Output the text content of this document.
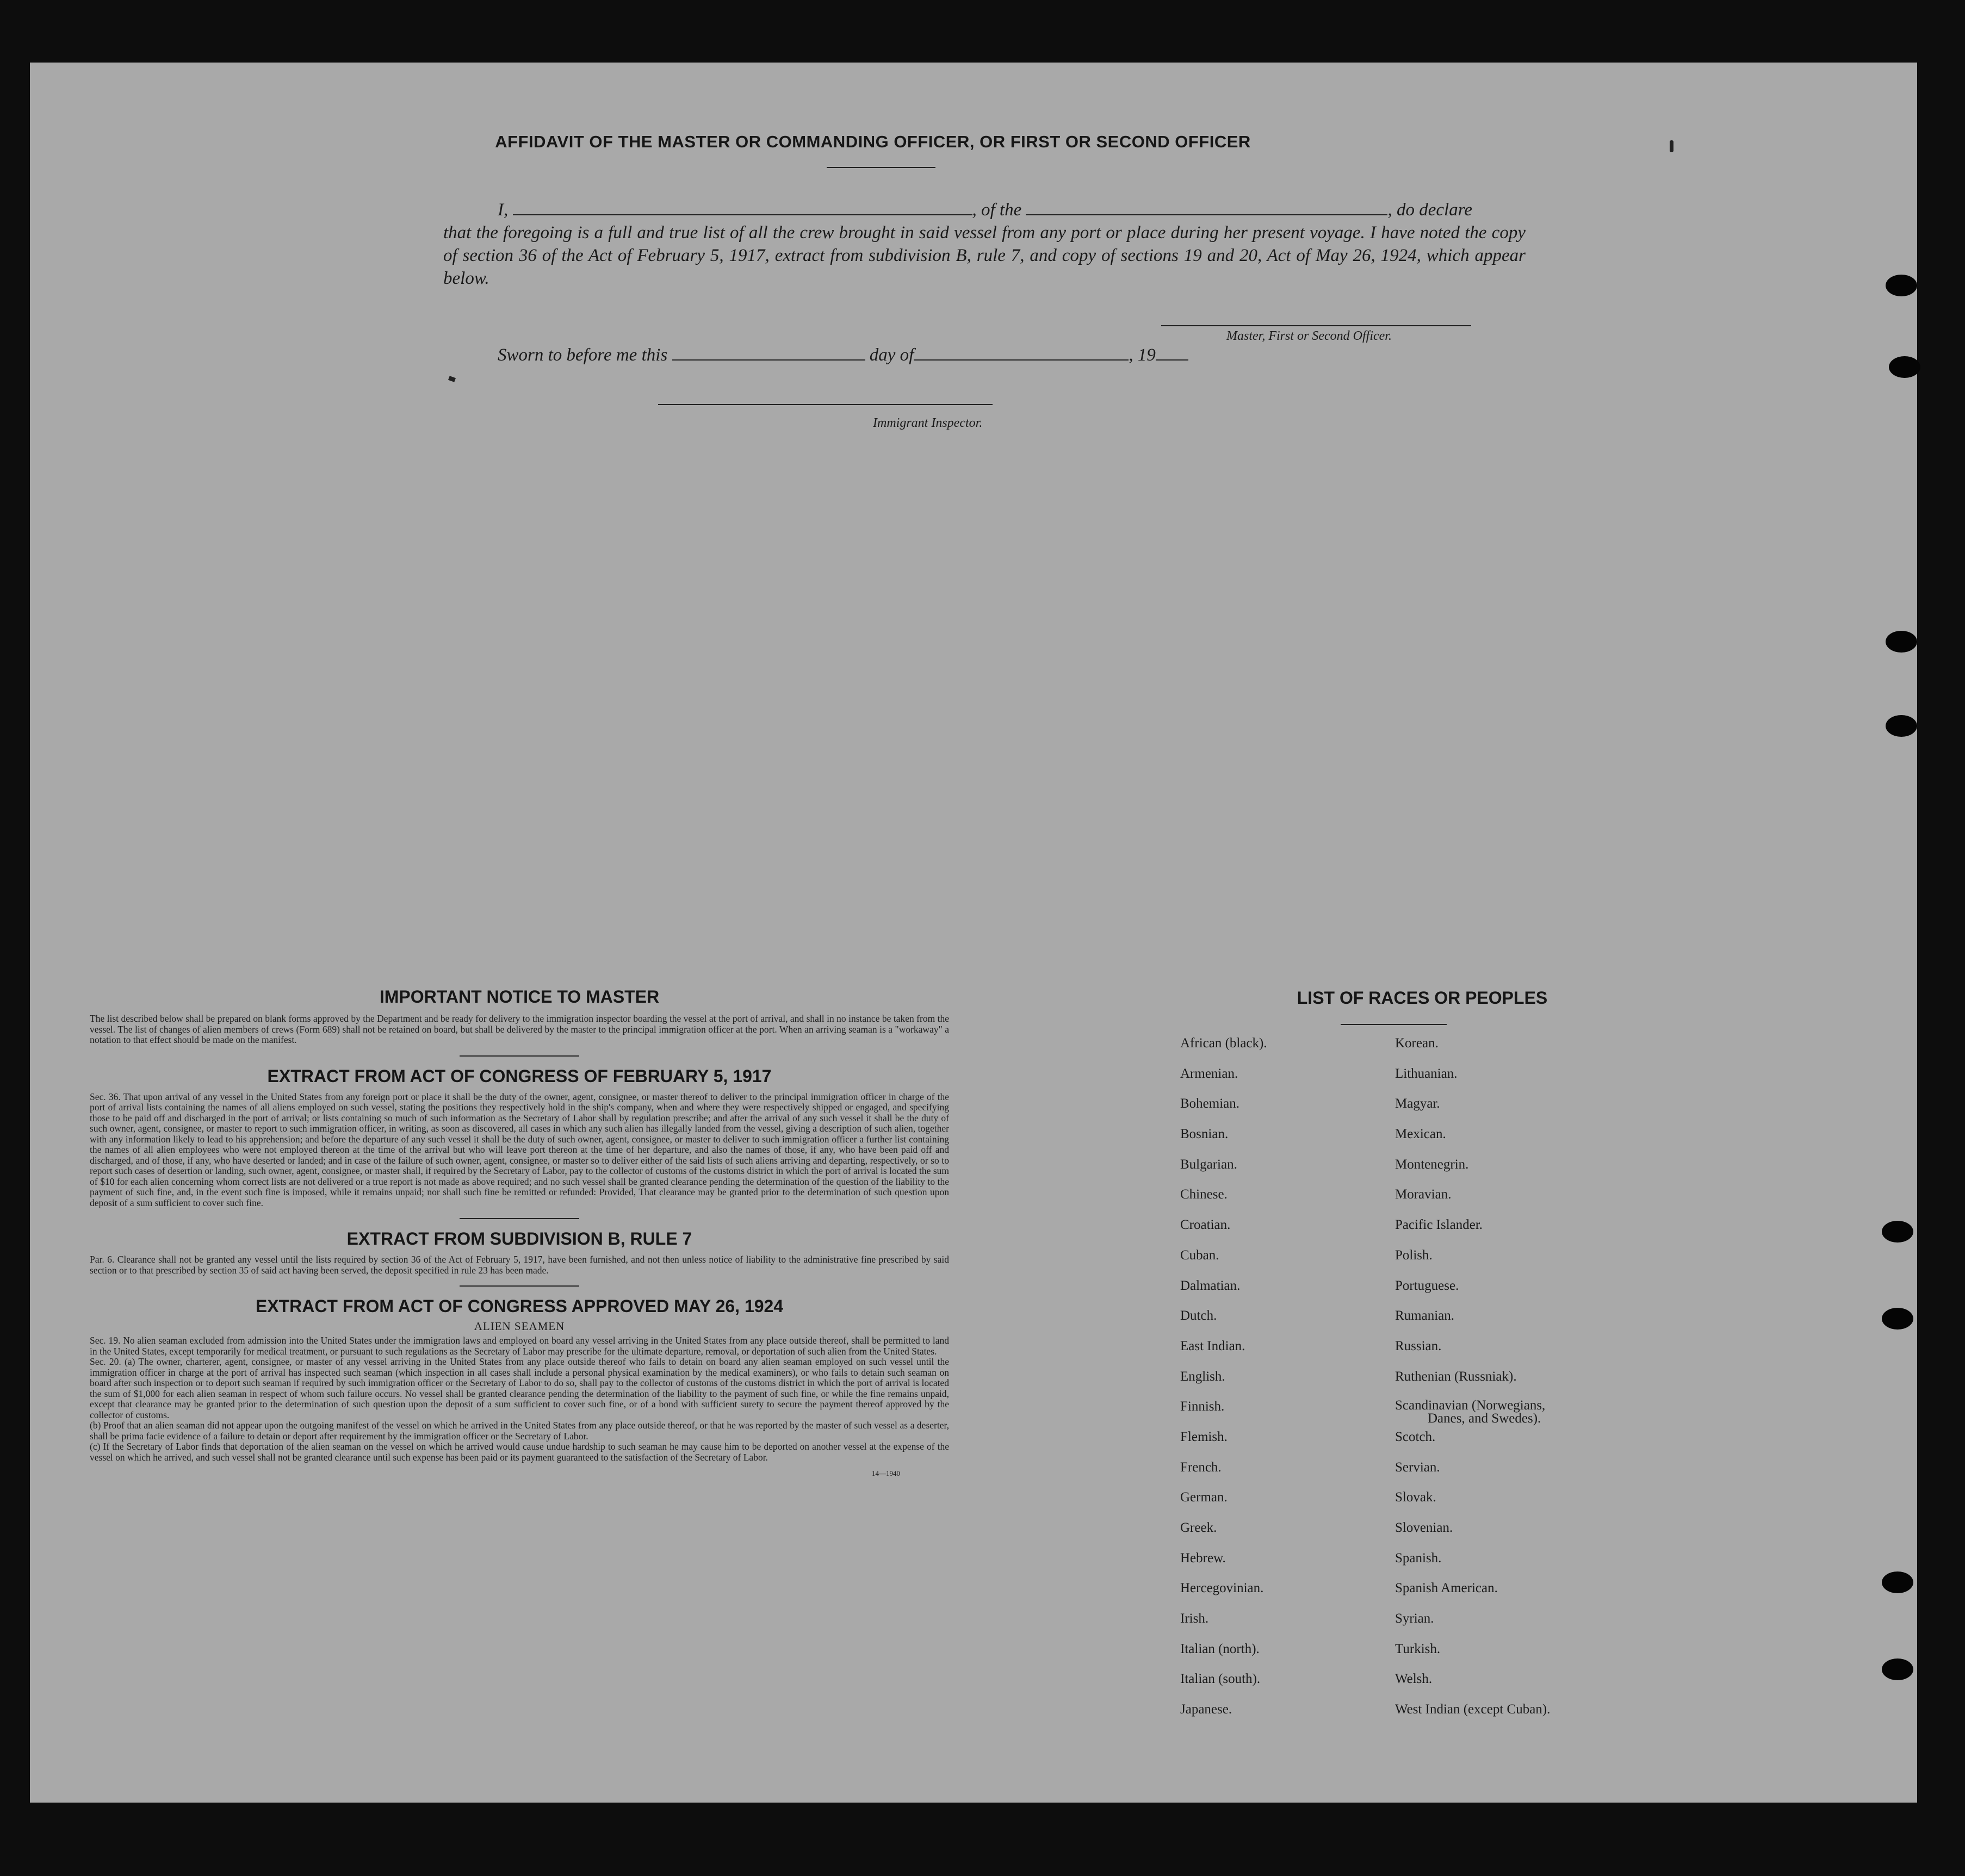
AFFIDAVIT OF THE MASTER OR COMMANDING OFFICER, OR FIRST OR SECOND OFFICER
I,	, of the	, do declare
that the foregoing is a full and true list of all the crew brought in said vessel from any port or place during her present voyage. I have noted the copy of section 36 of the Act of February 5, 1917, extract from subdivision B, rule 7, and copy of sections 19 and 20, Act of May 26, 1924, which appear below.
Master, First or Second Officer.
Sworn to before me this	day of	, 19
Immigrant Inspector.
IMPORTANT NOTICE TO MASTER

The list described below shall be prepared on blank forms approved by the Department and be ready for delivery to the immigration inspector boarding the vessel at the port of arrival, and shall in no instance be taken from the vessel. The list of changes of alien members of crews (Form 689) shall not be retained on board, but shall be delivered by the master to the principal immigration officer at the port. When an arriving seaman is a "workaway" a notation to that effect should be made on the manifest.

EXTRACT FROM ACT OF CONGRESS OF FEBRUARY 5, 1917

Sec. 36. That upon arrival of any vessel in the United States from any foreign port or place it shall be the duty of the owner, agent, consignee, or master thereof to deliver to the principal immigration officer in charge of the port of arrival lists containing the names of all aliens employed on such vessel, stating the positions they respectively hold in the ship's company, when and where they were respectively shipped or engaged, and specifying those to be paid off and discharged in the port of arrival; or lists containing so much of such information as the Secretary of Labor shall by regulation prescribe; and after the arrival of any such vessel it shall be the duty of such owner, agent, consignee, or master to report to such immigration officer, in writing, as soon as discovered, all cases in which any such alien has illegally landed from the vessel, giving a description of such alien, together with any information likely to lead to his apprehension; and before the departure of any such vessel it shall be the duty of such owner, agent, consignee, or master to deliver to such immigration officer a further list containing the names of all alien employees who were not employed thereon at the time of the arrival but who will leave port thereon at the time of her departure, and also the names of those, if any, who have been paid off and discharged, and of those, if any, who have deserted or landed; and in case of the failure of such owner, agent, consignee, or master so to deliver either of the said lists of such aliens arriving and departing, respectively, or so to report such cases of desertion or landing, such owner, agent, consignee, or master shall, if required by the Secretary of Labor, pay to the collector of customs of the customs district in which the port of arrival is located the sum of $10 for each alien concerning whom correct lists are not delivered or a true report is not made as above required; and no such vessel shall be granted clearance pending the determination of the question of the liability to the payment of such fine, and, in the event such fine is imposed, while it remains unpaid; nor shall such fine be remitted or refunded: Provided, That clearance may be granted prior to the determination of such question upon deposit of a sum sufficient to cover such fine.

EXTRACT FROM SUBDIVISION B, RULE 7

Par. 6. Clearance shall not be granted any vessel until the lists required by section 36 of the Act of February 5, 1917, have been furnished, and not then unless notice of liability to the administrative fine prescribed by said section or to that prescribed by section 35 of said act having been served, the deposit specified in rule 23 has been made.

EXTRACT FROM ACT OF CONGRESS APPROVED MAY 26, 1924
ALIEN SEAMEN

Sec. 19. No alien seaman excluded from admission into the United States under the immigration laws and employed on board any vessel arriving in the United States from any place outside thereof, shall be permitted to land in the United States, except temporarily for medical treatment, or pursuant to such regulations as the Secretary of Labor may prescribe for the ultimate departure, removal, or deportation of such alien from the United States.

Sec. 20. (a) The owner, charterer, agent, consignee, or master of any vessel arriving in the United States from any place outside thereof who fails to detain on board any alien seaman employed on such vessel until the immigration officer in charge at the port of arrival has inspected such seaman (which inspection in all cases shall include a personal physical examination by the medical examiners), or who fails to detain such seaman on board after such inspection or to deport such seaman if required by such immigration officer or the Secretary of Labor to do so, shall pay to the collector of customs of the customs district in which the port of arrival is located the sum of $1,000 for each alien seaman in respect of whom such failure occurs. No vessel shall be granted clearance pending the determination of the liability to the payment of such fine, or while the fine remains unpaid, except that clearance may be granted prior to the determination of such question upon the deposit of a sum sufficient to cover such fine, or of a bond with sufficient surety to secure the payment thereof approved by the collector of customs.

(b) Proof that an alien seaman did not appear upon the outgoing manifest of the vessel on which he arrived in the United States from any place outside thereof, or that he was reported by the master of such vessel as a deserter, shall be prima facie evidence of a failure to detain or deport after requirement by the immigration officer or the Secretary of Labor.

(c) If the Secretary of Labor finds that deportation of the alien seaman on the vessel on which he arrived would cause undue hardship to such seaman he may cause him to be deported on another vessel at the expense of the vessel on which he arrived, and such vessel shall not be granted clearance until such expense has been paid or its payment guaranteed to the satisfaction of the Secretary of Labor.

14—1940
LIST OF RACES OR PEOPLES
African (black).
Armenian.
Bohemian.
Bosnian.
Bulgarian.
Chinese.
Croatian.
Cuban.
Dalmatian.
Dutch.
East Indian.
English.
Finnish.
Flemish.
French.
German.
Greek.
Hebrew.
Hercegovinian.
Irish.
Italian (north).
Italian (south).
Japanese.
Korean.
Lithuanian.
Magyar.
Mexican.
Montenegrin.
Moravian.
Pacific Islander.
Polish.
Portuguese.
Rumanian.
Russian.
Ruthenian (Russniak).
Scandinavian (Norwegians,
Danes, and Swedes).
Scotch.
Servian.
Slovak.
Slovenian.
Spanish.
Spanish American.
Syrian.
Turkish.
Welsh.
West Indian (except Cuban).
